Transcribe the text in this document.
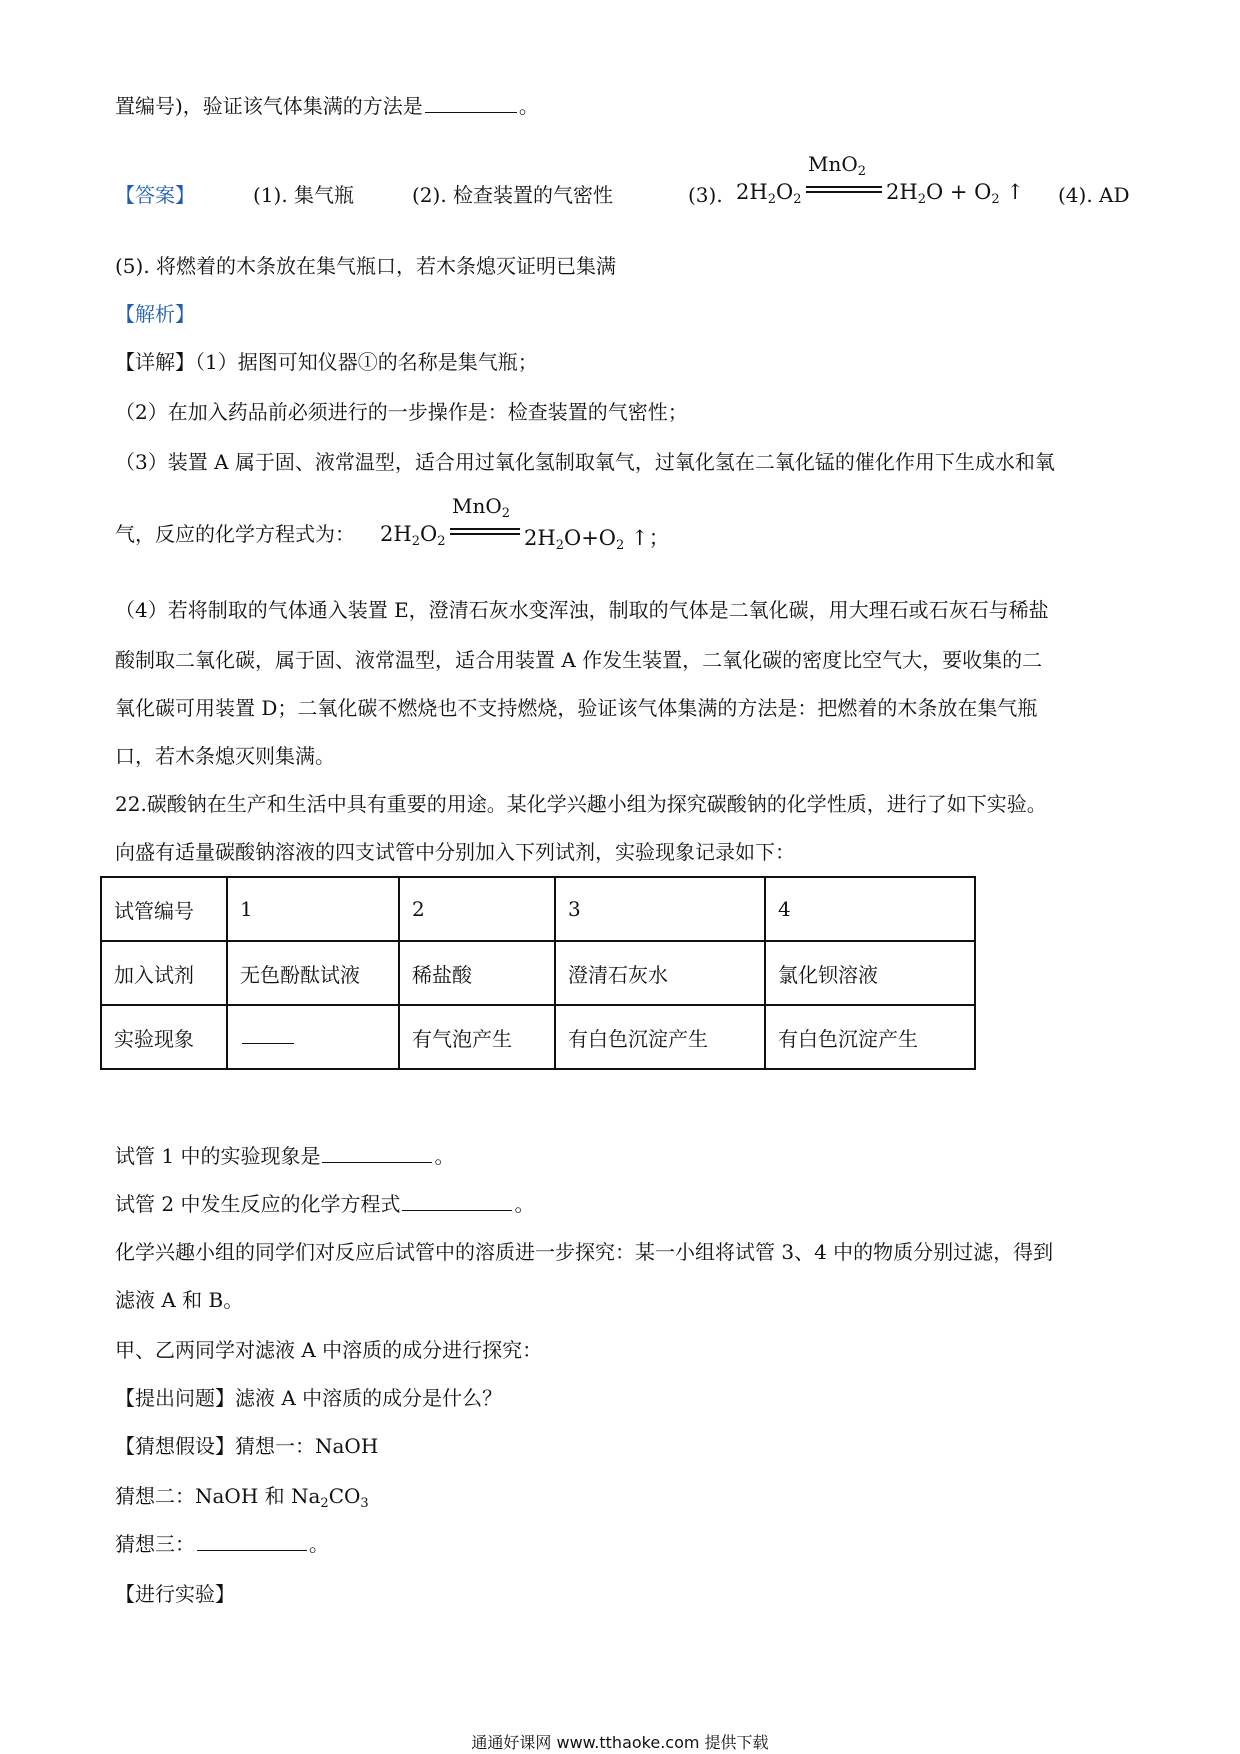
置编号)，验证该气体集满的方法是	。
【答案】	(1). 集气瓶	(2). 检查装置的气密性	(3).
MnO$_2$
$2H_2O_2$	$2H_2O + O_2$ ↑ (4). AD
(5). 将燃着的木条放在集气瓶口，若木条熄灭证明已集满
【解析】
【详解】（1）据图可知仪器①的名称是集气瓶；
（2）在加入药品前必须进行的一步操作是：检查装置的气密性；
（3）装置 A 属于固、液常温型，适合用过氧化氢制取氧气，过氧化氢在二氧化锰的催化作用下生成水和氧
气，反应的化学方程式为：
MnO$_2$
$2H_2O_2$	$2H_2O+O_2$ ↑；
（4）若将制取的气体通入装置 E，澄清石灰水变浑浊，制取的气体是二氧化碳，用大理石或石灰石与稀盐
酸制取二氧化碳，属于固、液常温型，适合用装置 A 作发生装置，二氧化碳的密度比空气大，要收集的二
氧化碳可用装置 D；二氧化碳不燃烧也不支持燃烧，验证该气体集满的方法是：把燃着的木条放在集气瓶
口，若木条熄灭则集满。
22.碳酸钠在生产和生活中具有重要的用途。某化学兴趣小组为探究碳酸钠的化学性质，进行了如下实验。
向盛有适量碳酸钠溶液的四支试管中分别加入下列试剂，实验现象记录如下：
试管编号	1	2	3	4
加入试剂	无色酚酞试液	稀盐酸	澄清石灰水	氯化钡溶液
实验现象		有气泡产生	有白色沉淀产生	有白色沉淀产生
试管 1 中的实验现象是	。
试管 2 中发生反应的化学方程式	。
化学兴趣小组的同学们对反应后试管中的溶质进一步探究：某一小组将试管 3、4 中的物质分别过滤，得到
滤液 A 和 B。
甲、乙两同学对滤液 A 中溶质的成分进行探究：
【提出问题】滤液 A 中溶质的成分是什么？
【猜想假设】猜想一：NaOH
猜想二：NaOH 和 $Na_2CO_3$
猜想三：	。
【进行实验】
通通好课网 www.tthaoke.com 提供下载
